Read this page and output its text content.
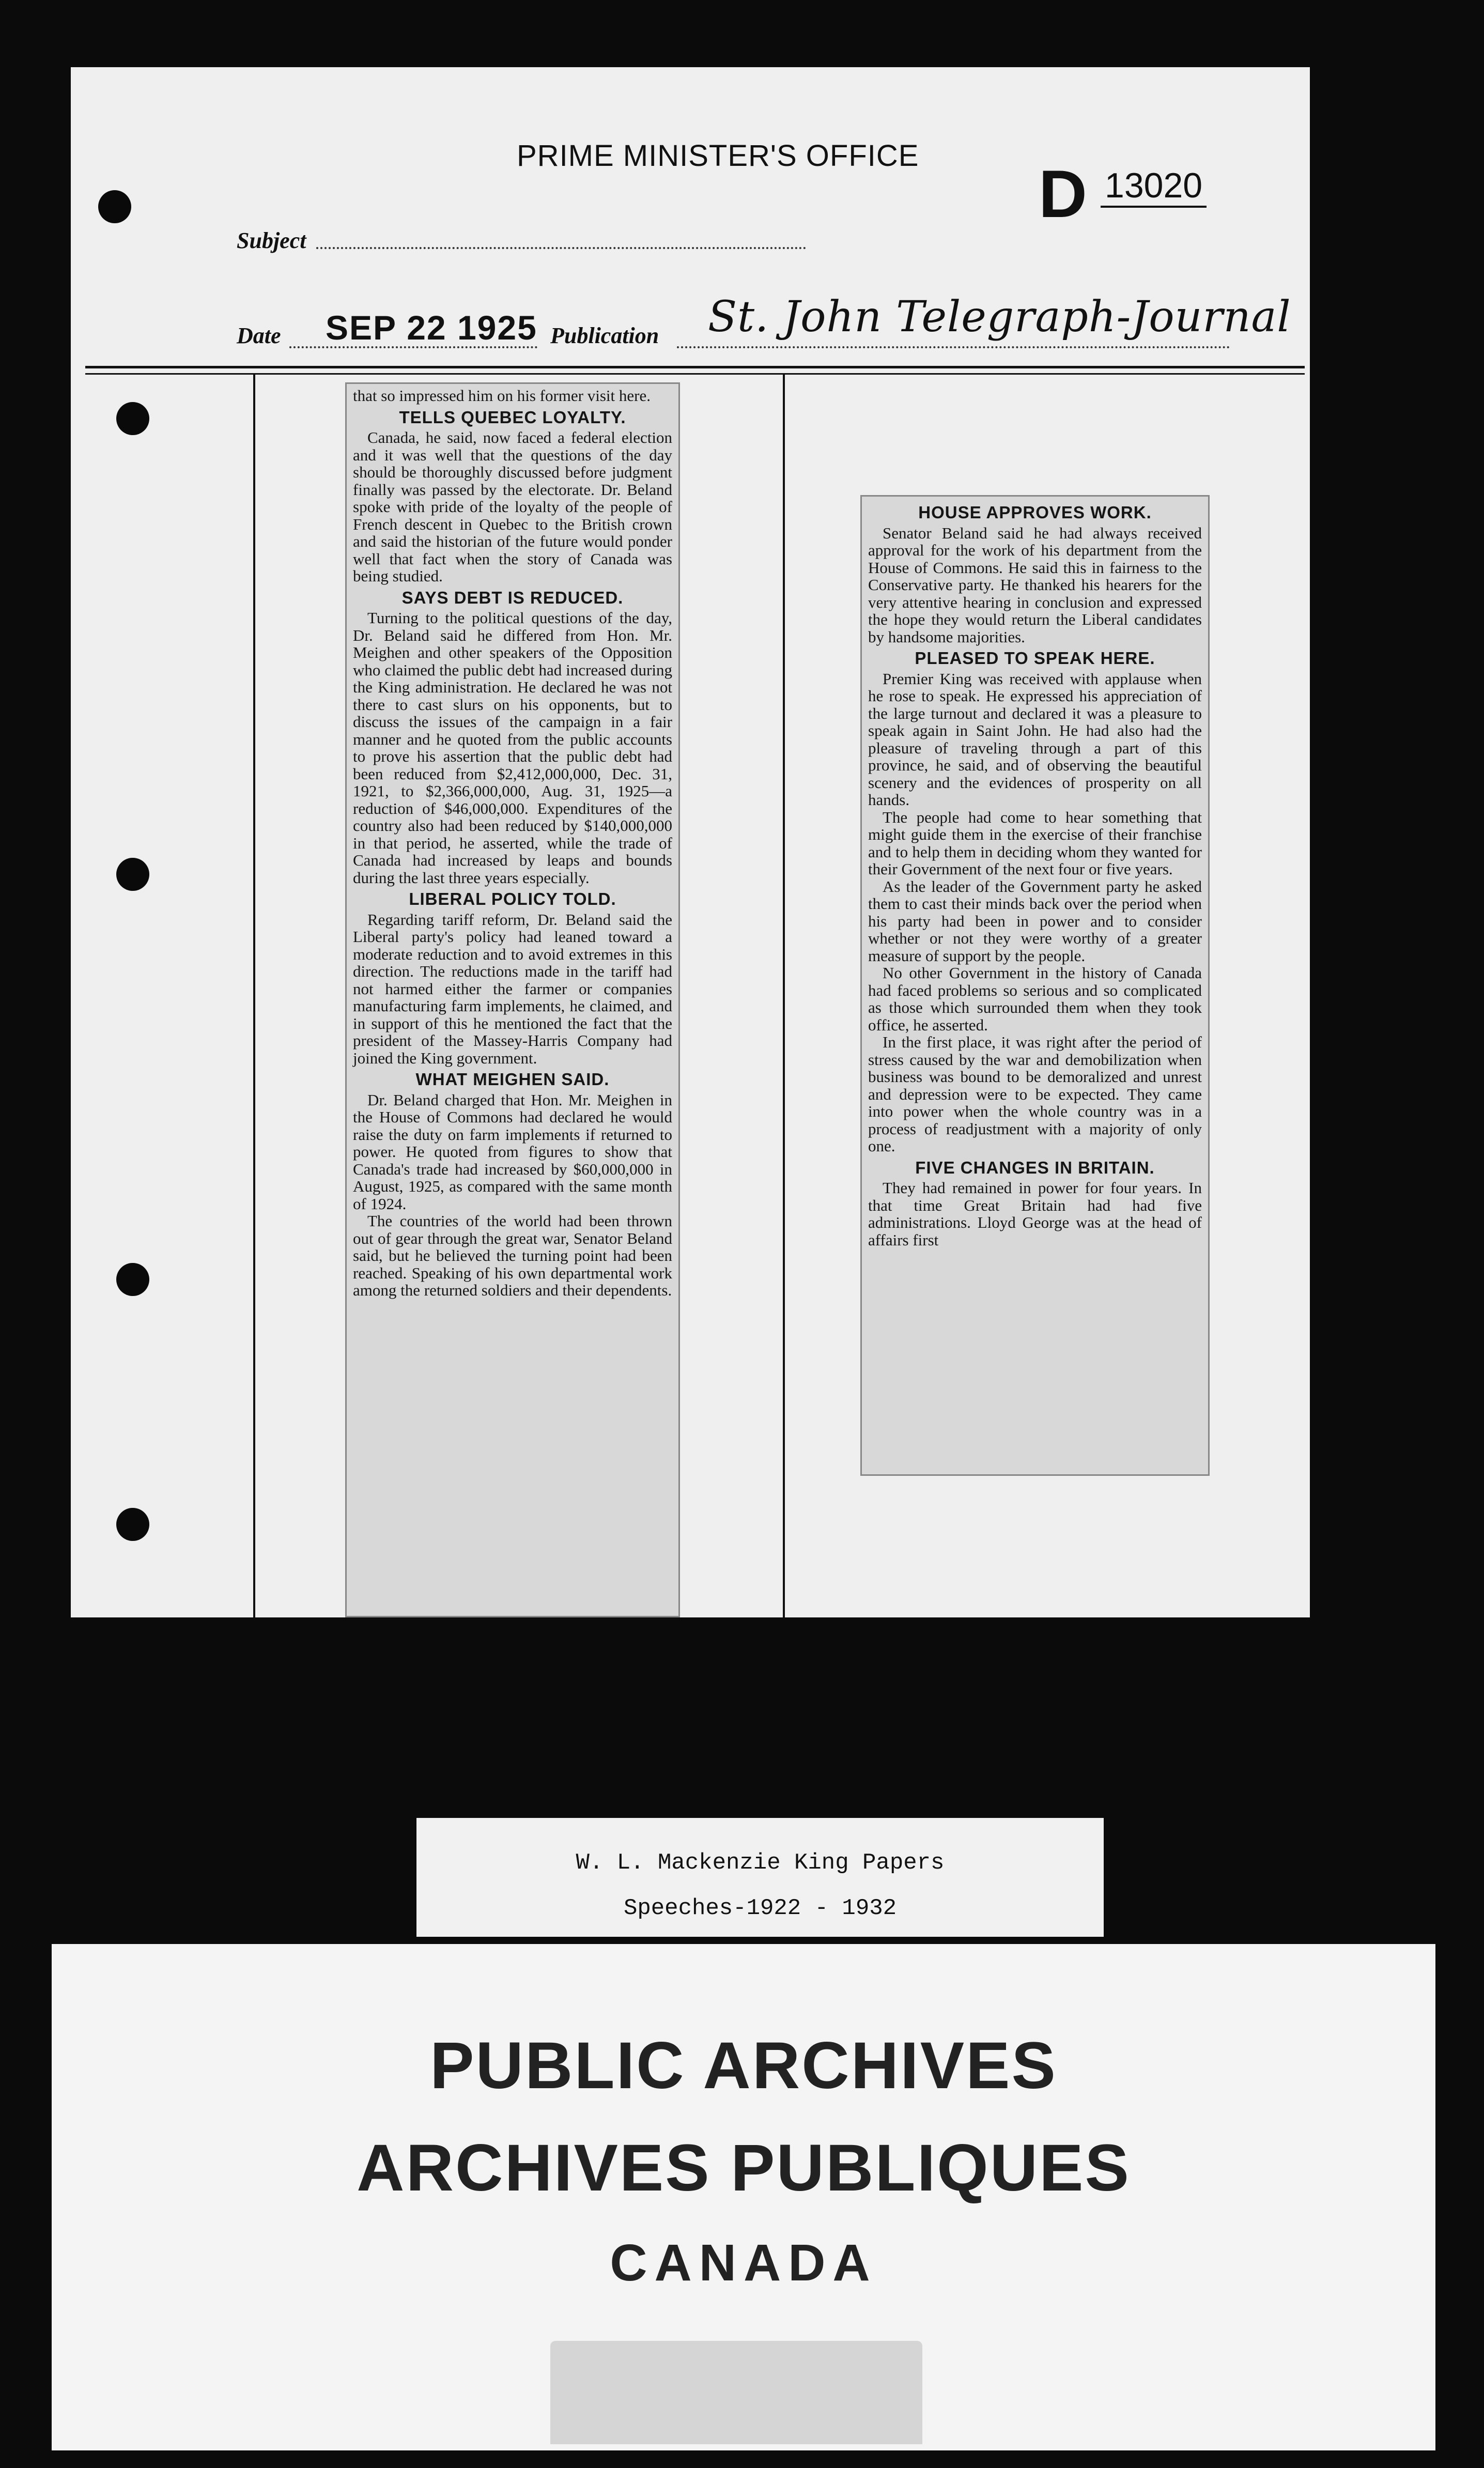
PRIME MINISTER'S OFFICE
D 13020
Subject
Date SEP 22 1925 Publication St. John Telegraph-Journal

that so impressed him on his former visit here.

TELLS QUEBEC LOYALTY.

Canada, he said, now faced a federal election and it was well that the questions of the day should be thoroughly discussed before judgment finally was passed by the electorate. Dr. Beland spoke with pride of the loyalty of the people of French descent in Quebec to the British crown and said the historian of the future would ponder well that fact when the story of Canada was being studied.

SAYS DEBT IS REDUCED.

Turning to the political questions of the day, Dr. Beland said he differed from Hon. Mr. Meighen and other speakers of the Opposition who claimed the public debt had increased during the King administration. He declared he was not there to cast slurs on his opponents, but to discuss the issues of the campaign in a fair manner and he quoted from the public accounts to prove his assertion that the public debt had been reduced from $2,412,000,000, Dec. 31, 1921, to $2,366,000,000, Aug. 31, 1925—a reduction of $46,000,000. Expenditures of the country also had been reduced by $140,000,000 in that period, he asserted, while the trade of Canada had increased by leaps and bounds during the last three years especially.

LIBERAL POLICY TOLD.

Regarding tariff reform, Dr. Beland said the Liberal party's policy had leaned toward a moderate reduction and to avoid extremes in this direction. The reductions made in the tariff had not harmed either the farmer or companies manufacturing farm implements, he claimed, and in support of this he mentioned the fact that the president of the Massey-Harris Company had joined the King government.

WHAT MEIGHEN SAID.

Dr. Beland charged that Hon. Mr. Meighen in the House of Commons had declared he would raise the duty on farm implements if returned to power. He quoted from figures to show that Canada's trade had increased by $60,000,000 in August, 1925, as compared with the same month of 1924.

The countries of the world had been thrown out of gear through the great war, Senator Beland said, but he believed the turning point had been reached. Speaking of his own departmental work among the returned soldiers and their dependents.

HOUSE APPROVES WORK.

Senator Beland said he had always received approval for the work of his department from the House of Commons. He said this in fairness to the Conservative party. He thanked his hearers for the very attentive hearing in conclusion and expressed the hope they would return the Liberal candidates by handsome majorities.

PLEASED TO SPEAK HERE.

Premier King was received with applause when he rose to speak. He expressed his appreciation of the large turnout and declared it was a pleasure to speak again in Saint John. He had also had the pleasure of traveling through a part of this province, he said, and of observing the beautiful scenery and the evidences of prosperity on all hands.

The people had come to hear something that might guide them in the exercise of their franchise and to help them in deciding whom they wanted for their Government of the next four or five years.

As the leader of the Government party he asked them to cast their minds back over the period when his party had been in power and to consider whether or not they were worthy of a greater measure of support by the people.

No other Government in the history of Canada had faced problems so serious and so complicated as those which surrounded them when they took office, he asserted.

In the first place, it was right after the period of stress caused by the war and demobilization when business was bound to be demoralized and unrest and depression were to be expected. They came into power when the whole country was in a process of readjustment with a majority of only one.

FIVE CHANGES IN BRITAIN.

They had remained in power for four years. In that time Great Britain had had five administrations. Lloyd George was at the head of affairs first

W. L. Mackenzie King Papers
Speeches-1922 - 1932
PUBLIC ARCHIVES
ARCHIVES PUBLIQUES
CANADA
